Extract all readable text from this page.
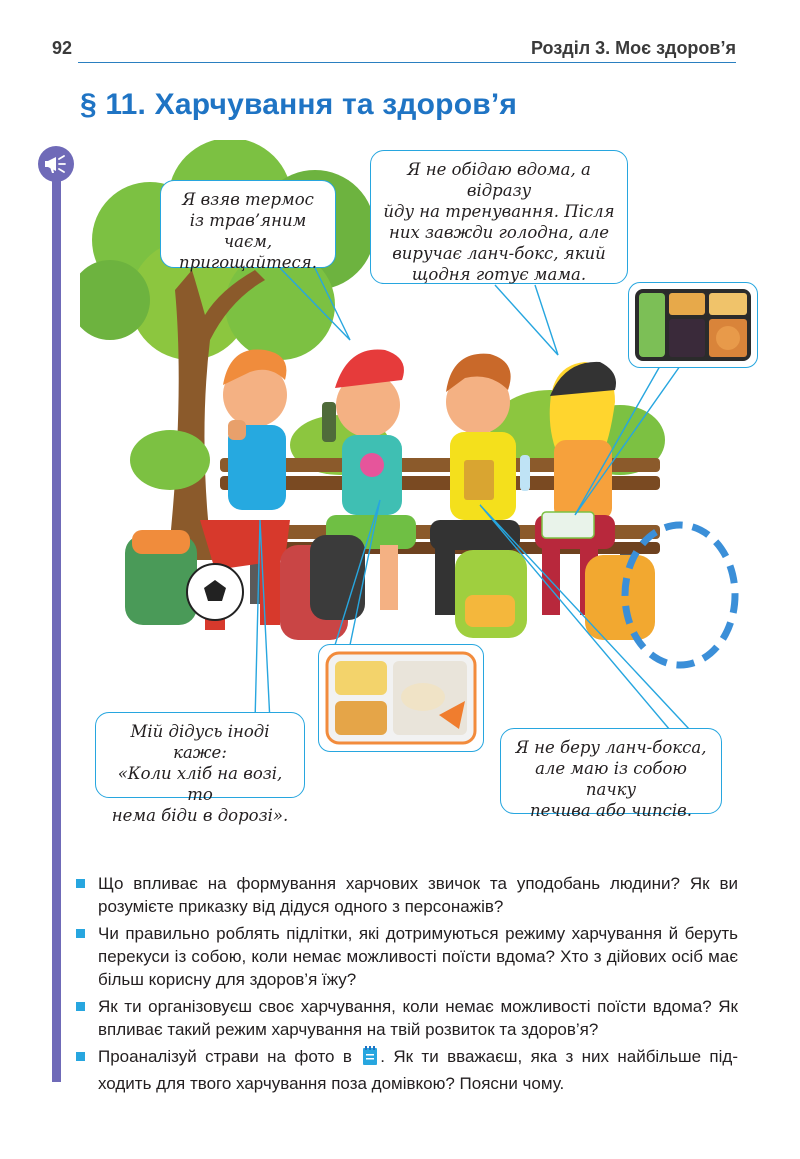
92	Розділ 3. Моє здоров’я
§ 11. Харчування та здоров’я
Я взяв термос
із трав’яним чаєм,
пригощайтеся.
Я не обідаю вдома, а відразу
йду на тренування. Після
них завжди голодна, але
виручає ланч-бокс, який
щодня готує мама.
Мій дідусь іноді каже:
«Коли хліб на возі, то
нема біди в дорозі».
Я не беру ланч-бокса,
але маю із собою пачку
печива або чипсів.
Що впливає на формування харчових звичок та уподобань людини? Як ви розумієте приказку від дідуся одного з персонажів?
Чи правильно роблять підлітки, які дотримуються режиму харчування й беруть перекуси із собою, коли немає можливості поїсти вдома? Хто з дійових осіб має більш корисну для здоров’я їжу?
Як ти організовуєш своє харчування, коли немає можливості поїсти вдома? Як впливає такий режим харчування на твій розвиток та здоров’я?
Проаналізуй страви на фото в . Як ти вважаєш, яка з них найбільше підходить для твого харчування поза домівкою? Поясни чому.
